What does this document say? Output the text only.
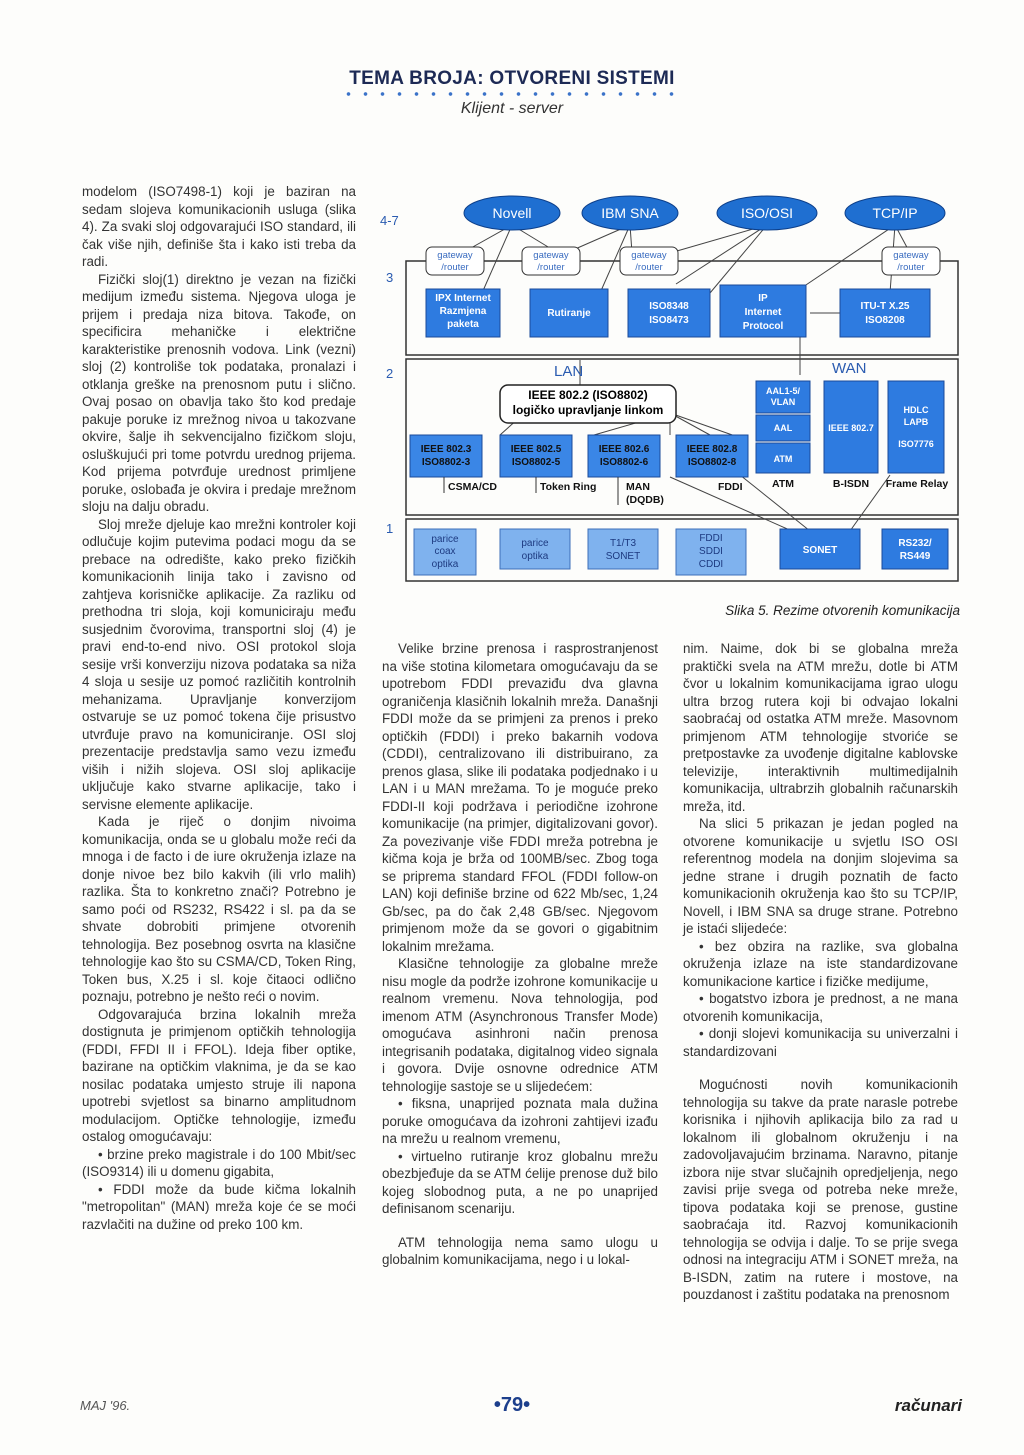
TEMA BROJA: OTVORENI SISTEMI
Klijent - server

modelom (ISO7498-1) koji je baziran na sedam slojeva komunikacionih usluga (slika 4). Za svaki sloj odgovarajući ISO standard, ili čak više njih, definiše šta i kako isti treba da radi.

Fizički sloj(1) direktno je vezan na fizički medijum između sistema. Njegova uloga je prijem i predaja niza bitova. Takođe, on specificira mehaničke i električne karakteristike prenosnih vodova. Link (vezni) sloj (2) kontroliše tok podataka, pronalazi i otklanja greške na prenosnom putu i slično. Ovaj posao on obavlja tako što kod predaje pakuje poruke iz mrežnog nivoa u takozvane okvire, šalje ih sekvencijalno fizičkom sloju, osluškujući pri tome potvrdu urednog prijema. Kod prijema potvrđuje urednost primljene poruke, oslobađa je okvira i predaje mrežnom sloju na dalju obradu.

Sloj mreže djeluje kao mrežni kontroler koji odlučuje kojim putevima podaci mogu da se prebace na odredište, kako preko fizičkih komunikacionih linija tako i zavisno od zahtjeva korisničke aplikacije. Za razliku od prethodna tri sloja, koji komuniciraju među susjednim čvorovima, transportni sloj (4) je pravi end-to-end nivo. OSI protokol sloja sesije vrši konverziju nizova podataka sa niža 4 sloja u sesije uz pomoć različitih kontrolnih mehanizama. Upravljanje konverzijom ostvaruje se uz pomoć tokena čije prisustvo utvrđuje pravo na komuniciranje. OSI sloj prezentacije predstavlja samo vezu između viših i nižih slojeva. OSI sloj aplikacije uključuje kako stvarne aplikacije, tako i servisne elemente aplikacije.

Kada je riječ o donjim nivoima komunikacija, onda se u globalu može reći da mnoga i de facto i de iure okruženja izlaze na donje nivoe bez bilo kakvih (ili vrlo malih) razlika. Šta to konkretno znači? Potrebno je samo poći od RS232, RS422 i sl. pa da se shvate dobrobiti primjene otvorenih tehnologija. Bez posebnog osvrta na klasične tehnologije kao što su CSMA/CD, Token Ring, Token bus, X.25 i sl. koje čitaoci odlično poznaju, potrebno je nešto reći o novim.

Odgovarajuća brzina lokalnih mreža dostignuta je primjenom optičkih tehnologija (FDDI, FFDI II i FFOL). Ideja fiber optike, bazirane na optičkim vlaknima, je da se kao nosilac podataka umjesto struje ili napona upotrebi svjetlost sa binarno amplitudnom modulacijom. Optičke tehnologije, između ostalog omogućavaju:

• brzine preko magistrale i do 100 Mbit/sec (ISO9314) ili u domenu gigabita,

• FDDI može da bude kičma lokalnih "metropolitan" (MAN) mreža koje će se moći razvlačiti na dužine od preko 100 km.

4-7
3
2
1
Novell	IBM SNA	ISO/OSI	TCP/IP
gateway
/router
gateway
/router
gateway
/router
gateway
/router
IPX Internet
Razmjena
paketa
Rutiranje
ISO8348
ISO8473
IP
Internet
Protocol
ITU-T X.25
ISO8208
LAN	WAN
IEEE 802.2 (ISO8802)
logičko upravljanje linkom
IEEE 802.3
ISO8802-3
IEEE 802.5
ISO8802-5
IEEE 802.6
ISO8802-6
IEEE 802.8
ISO8802-8
CSMA/CD	Token Ring	MAN
(DQDB)
FDDI
AAL1-5/
VLAN
AAL
ATM
IEEE 802.7
HDLC
LAPB
ISO7776
ATM	B-ISDN Frame Relay
parice
coax
optika
parice
optika
T1/T3
SONET
FDDI
SDDI
CDDI
SONET
RS232/
RS449
Slika 5. Rezime otvorenih komunikacija

Velike brzine prenosa i rasprostranjenost na više stotina kilometara omogućavaju da se upotrebom FDDI prevaziđu dva glavna ograničenja klasičnih lokalnih mreža. Današnji FDDI može da se primjeni za prenos i preko optičkih (FDDI) i preko bakarnih vodova (CDDI), centralizovano ili distribuirano, za prenos glasa, slike ili podataka podjednako i u LAN i u MAN mrežama. To je moguće preko FDDI-II koji podržava i periodične izohrone komunikacije (na primjer, digitalizovani govor). Za povezivanje više FDDI mreža potrebna je kičma koja je brža od 100MB/sec. Zbog toga se priprema standard FFOL (FDDI follow-on LAN) koji definiše brzine od 622 Mb/sec, 1,24 Gb/sec, pa do čak 2,48 GB/sec. Njegovom primjenom može da se govori o gigabitnim lokalnim mrežama.

Klasične tehnologije za globalne mreže nisu mogle da podrže izohrone komunikacije u realnom vremenu. Nova tehnologija, pod imenom ATM (Asynchronous Transfer Mode) omogućava asinhroni način prenosa integrisanih podataka, digitalnog video signala i govora. Dvije osnovne odrednice ATM tehnologije sastoje se u slijedećem:

• fiksna, unaprijed poznata mala dužina poruke omogućava da izohroni zahtijevi izađu na mrežu u realnom vremenu,

• virtuelno rutiranje kroz globalnu mrežu obezbjeđuje da se ATM ćelije prenose duž bilo kojeg slobodnog puta, a ne po unaprijed definisanom scenariju.

ATM tehnologija nema samo ulogu u globalnim komunikacijama, nego i u lokal-

nim. Naime, dok bi se globalna mreža praktički svela na ATM mrežu, dotle bi ATM čvor u lokalnim komunikacijama igrao ulogu ultra brzog rutera koji bi odvajao lokalni saobraćaj od ostatka ATM mreže. Masovnom primjenom ATM tehnologije stvoriće se pretpostavke za uvođenje digitalne kablovske televizije, interaktivnih multimedijalnih komunikacija, ultrabrzih globalnih računarskih mreža, itd.

Na slici 5 prikazan je jedan pogled na otvorene komunikacije u svjetlu ISO OSI referentnog modela na donjim slojevima sa jedne strane i drugih poznatih de facto komunikacionih okruženja kao što su TCP/IP, Novell, i IBM SNA sa druge strane. Potrebno je istaći slijedeće:

• bez obzira na razlike, sva globalna okruženja izlaze na iste standardizovane komunikacione kartice i fizičke medijume,

• bogatstvo izbora je prednost, a ne mana otvorenih komunikacija,

• donji slojevi komunikacija su univerzalni i standardizovani

Mogućnosti novih komunikacionih tehnologija su takve da prate narasle potrebe korisnika i njihovih aplikacija bilo za rad u lokalnom ili globalnom okruženju i na zadovoljavajućim brzinama. Naravno, pitanje izbora nije stvar slučajnih opredjeljenja, nego zavisi prije svega od potreba neke mreže, tipova podataka koji se prenose, gustine saobraćaja itd. Razvoj komunikacionih tehnologija se odvija i dalje. To se prije svega odnosi na integraciju ATM i SONET mreža, na B-ISDN, zatim na rutere i mostove, na pouzdanost i zaštitu podataka na prenosnom

MAJ '96.	•79•	računari
